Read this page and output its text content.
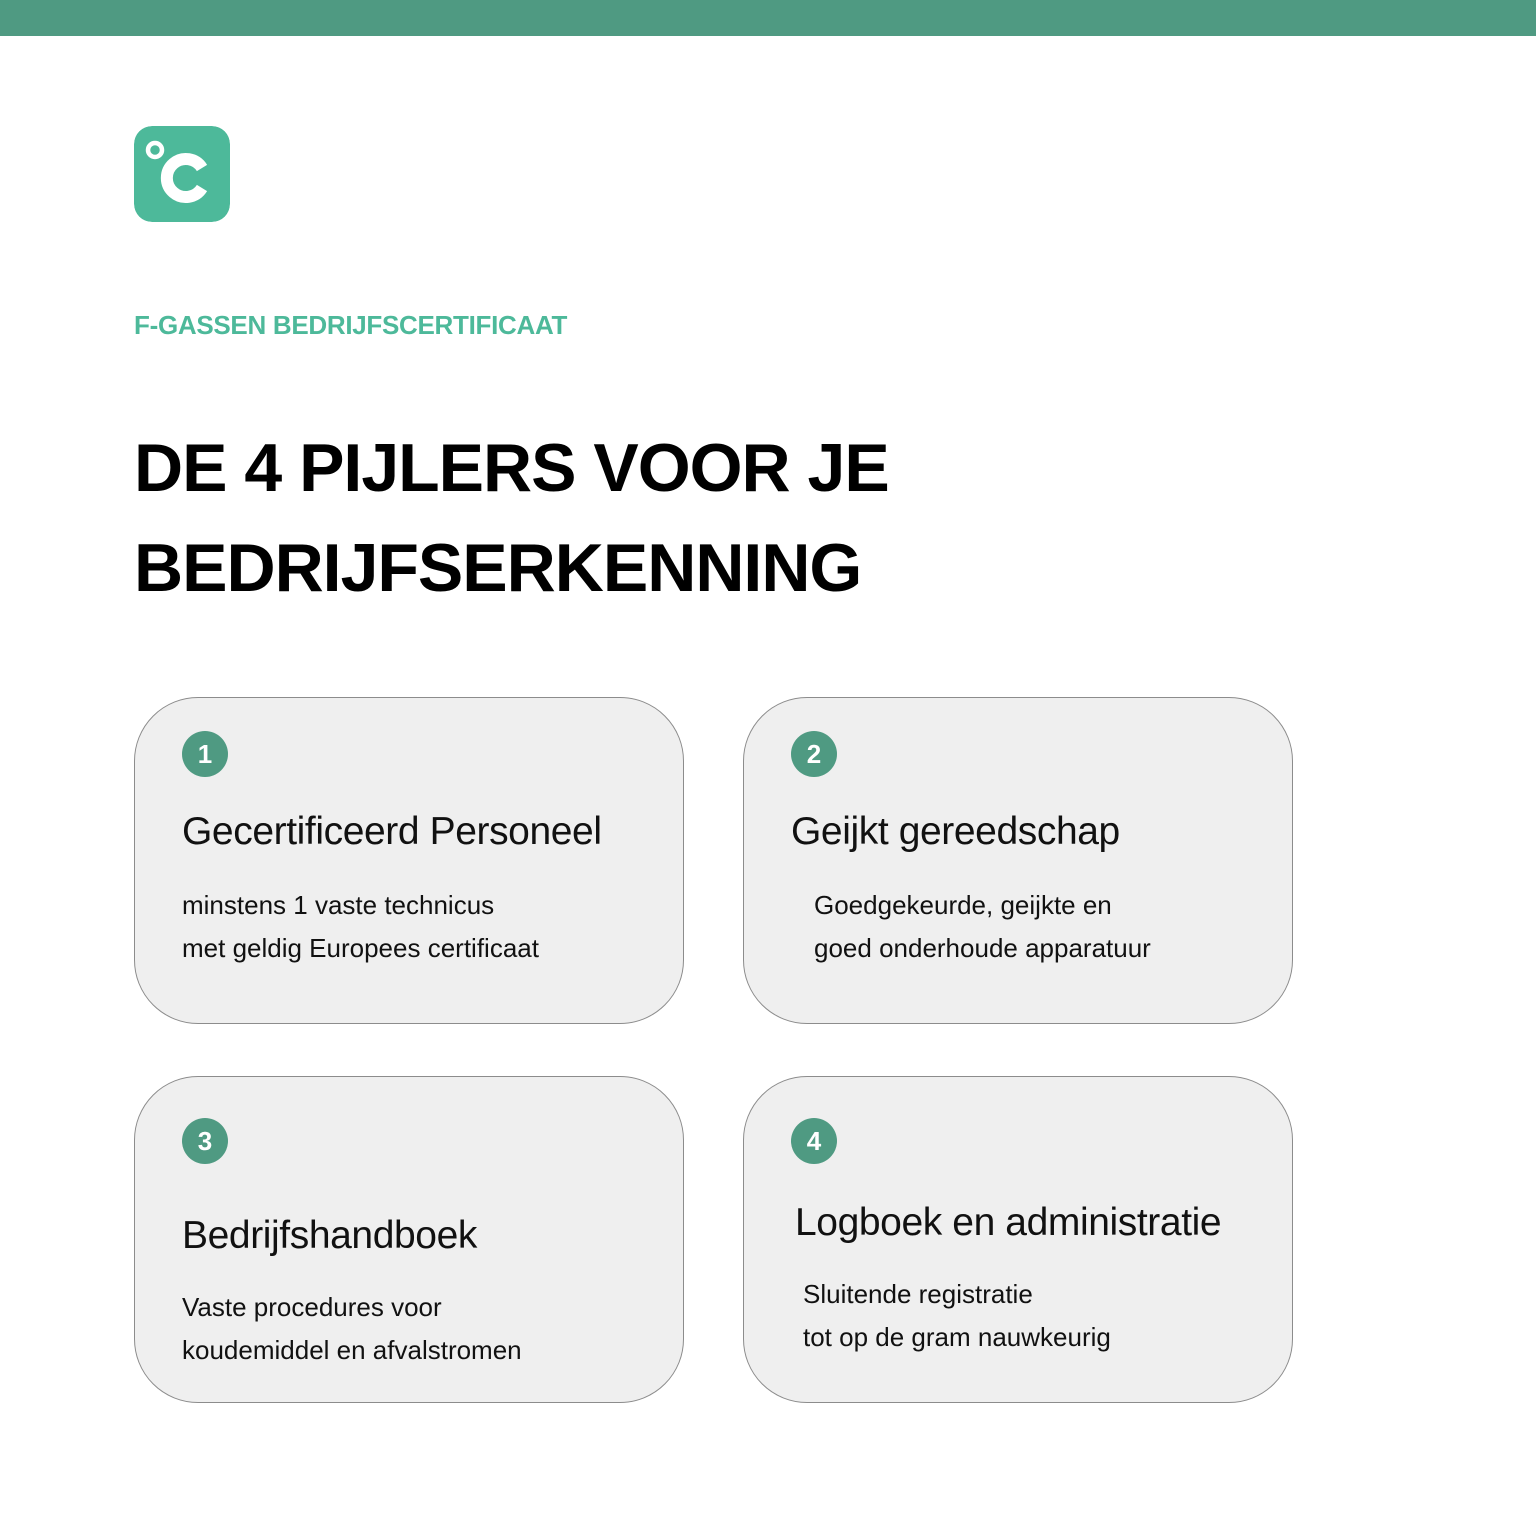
F-GASSEN BEDRIJFSCERTIFICAAT
DE 4 PIJLERS VOOR JE
BEDRIJFSERKENNING
1
Gecertificeerd Personeel

minstens 1 vaste technicus
met geldig Europees certificaat

2
Geijkt gereedschap

Goedgekeurde, geijkte en
goed onderhoude apparatuur

3
Bedrijfshandboek

Vaste procedures voor
koudemiddel en afvalstromen

4
Logboek en administratie

Sluitende registratie
tot op de gram nauwkeurig
